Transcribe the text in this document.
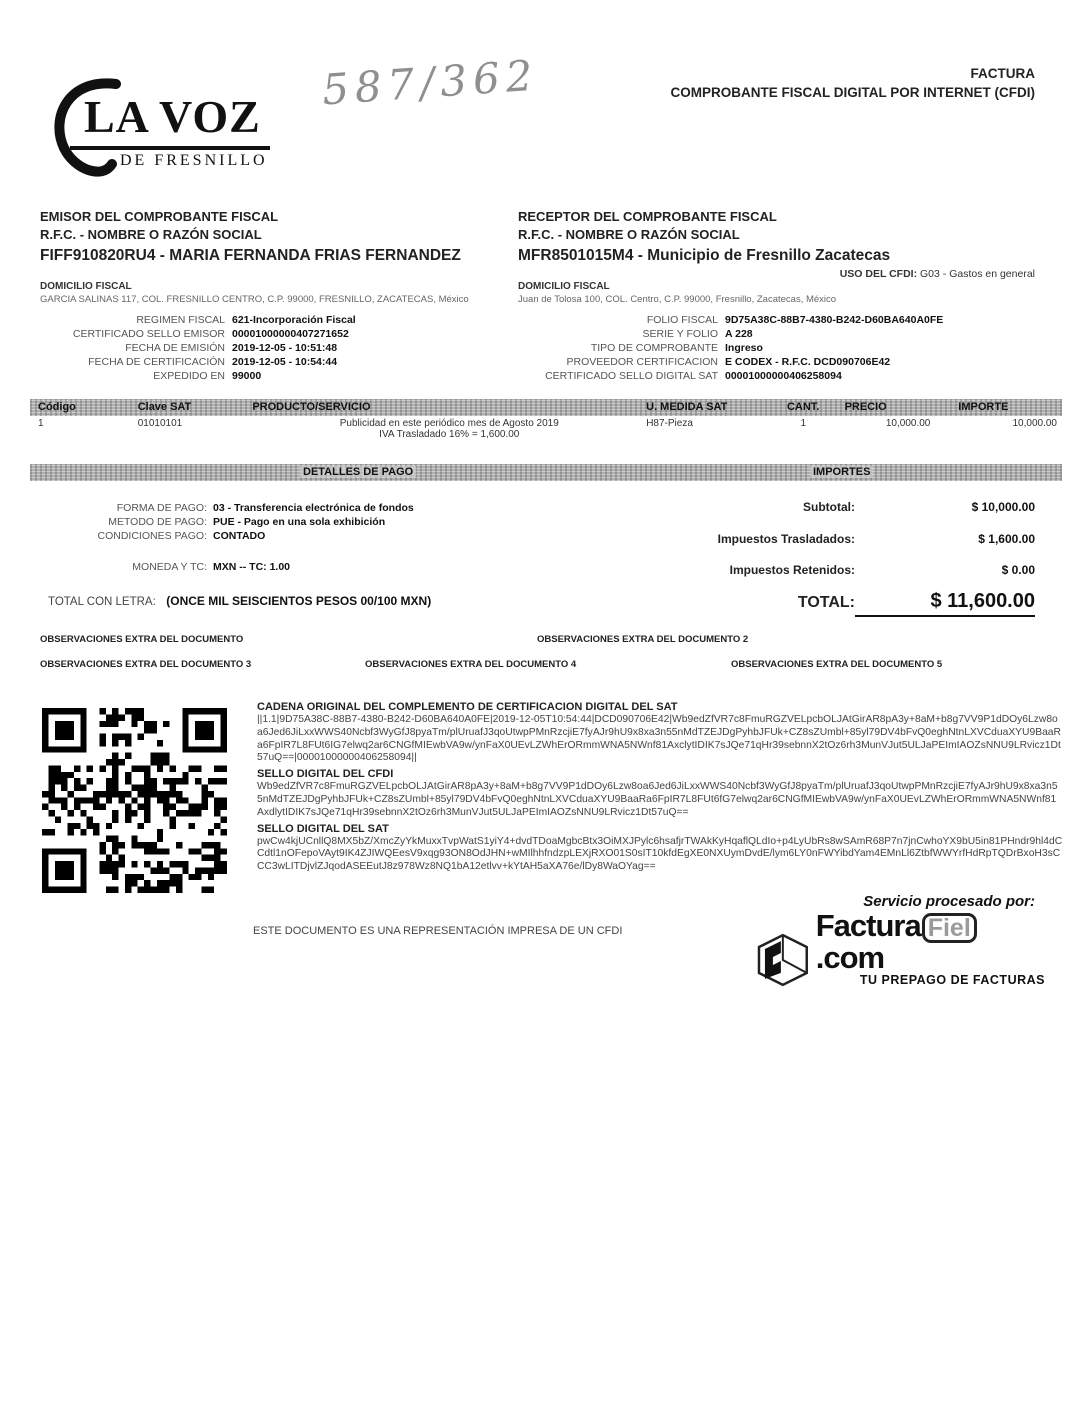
LA VOZ
DE FRESNILLO
587/362	FACTURA
COMPROBANTE FISCAL DIGITAL POR INTERNET (CFDI)
EMISOR DEL COMPROBANTE FISCAL
R.F.C. - NOMBRE O RAZÓN SOCIAL
FIFF910820RU4 - MARIA FERNANDA FRIAS FERNANDEZ
DOMICILIO FISCAL
GARCIA SALINAS 117, COL. FRESNILLO CENTRO, C.P. 99000, FRESNILLO, ZACATECAS, México
REGIMEN FISCAL 621-Incorporación Fiscal
CERTIFICADO SELLO EMISOR 00001000000407271652
FECHA DE EMISIÓN 2019-12-05 - 10:51:48
FECHA DE CERTIFICACIÓN 2019-12-05 - 10:54:44
EXPEDIDO EN 99000
RECEPTOR DEL COMPROBANTE FISCAL
R.F.C. - NOMBRE O RAZÓN SOCIAL
MFR8501015M4 - Municipio de Fresnillo Zacatecas
USO DEL CFDI: G03 - Gastos en general
DOMICILIO FISCAL
Juan de Tolosa 100, COL. Centro, C.P. 99000, Fresnillo, Zacatecas, México
FOLIO FISCAL 9D75A38C-88B7-4380-B242-D60BA640A0FE
SERIE Y FOLIO A 228
TIPO DE COMPROBANTE Ingreso
PROVEEDOR CERTIFICACION E CODEX - R.F.C. DCD090706E42
CERTIFICADO SELLO DIGITAL SAT 00001000000406258094
Código	Clave SAT	PRODUCTO/SERVICIO	U. MEDIDA SAT	CANT.	PRECIO	IMPORTE
1	01010101	Publicidad en este periódico mes de Agosto 2019
IVA Trasladado 16% = 1,600.00
H87-Pieza	1	10,000.00	10,000.00
DETALLES DE PAGO	IMPORTES
FORMA DE PAGO: 03 - Transferencia electrónica de fondos
METODO DE PAGO: PUE - Pago en una sola exhibición
CONDICIONES PAGO: CONTADO
MONEDA Y TC: MXN -- TC: 1.00
TOTAL CON LETRA: (ONCE MIL SEISCIENTOS PESOS 00/100 MXN)
Subtotal:	$ 10,000.00
Impuestos Trasladados:	$ 1,600.00
Impuestos Retenidos:	$ 0.00
TOTAL:	$ 11,600.00
OBSERVACIONES EXTRA DEL DOCUMENTO	OBSERVACIONES EXTRA DEL DOCUMENTO 2
OBSERVACIONES EXTRA DEL DOCUMENTO 3	OBSERVACIONES EXTRA DEL DOCUMENTO 4	OBSERVACIONES EXTRA DEL DOCUMENTO 5
CADENA ORIGINAL DEL COMPLEMENTO DE CERTIFICACION DIGITAL DEL SAT
||1.1|9D75A38C-88B7-4380-B242-D60BA640A0FE|2019-12-05T10:54:44|DCD090706E42|Wb9edZfVR7c8FmuRGZVELpcbOLJAtGirAR8pA3y+8aM+b8g7VV9P1dDOy6Lzw8oa6Jed6JiLxxWWS40Ncbf3WyGfJ8pyaTm/plUruafJ3qoUtwpPMnRzcjiE7fyAJr9hU9x8xa3n55nMdTZEJDgPyhbJFUk+CZ8sZUmbl+85yl79DV4bFvQ0eghNtnLXVCduaXYU9BaaRa6FpIR7L8FUt6IG7elwq2ar6CNGfMIEwbVA9w/ynFaX0UEvLZWhErORmmWNA5NWnf81AxclytIDIK7sJQe71qHr39sebnnX2tOz6rh3MunVJut5ULJaPEImIAOZsNNU9LRvicz1Dt57uQ==|00001000000406258094||
SELLO DIGITAL DEL CFDI
Wb9edZfVR7c8FmuRGZVELpcbOLJAtGirAR8pA3y+8aM+b8g7VV9P1dDOy6Lzw8oa6Jed6JiLxxWWS40Ncbf3WyGfJ8pyaTm/plUruafJ3qoUtwpPMnRzcjiE7fyAJr9hU9x8xa3n55nMdTZEJDgPyhbJFUk+CZ8sZUmbl+85yl79DV4bFvQ0eghNtnLXVCduaXYU9BaaRa6FpIR7L8FUt6fG7elwq2ar6CNGfMIEwbVA9w/ynFaX0UEvLZWhErORmmWNA5NWnf81AxdlytIDIK7sJQe71qHr39sebnnX2tOz6rh3MunVJut5ULJaPEImIAOZsNNU9LRvicz1Dt57uQ==
SELLO DIGITAL DEL SAT
pwCw4kjUCnllQ8MX5bZ/XmcZyYkMuxxTvpWatS1yiY4+dvdTDoaMgbcBtx3OiMXJPylc6hsafjrTWAkKyHqaflQLdIo+p4LyUbRs8wSAmR68P7n7jnCwhoYX9bU5in81PHndr9hl4dCCdtl1nOFepoVAyt9IK4ZJIWQEesV9xqg93ON8OdJHN+wMIlhhfndzpLEXjRXO01S0sIT10kfdEgXE0NXUymDvdE/lym6LY0nFWYibdYam4EMnLl6ZtbfWWYrfHdRpTQDrBxoH3sCCC3wLITDjvlZJqodASEEutJ8z978Wz8NQ1bA12etlvv+kYtAH5aXA76e/lDy8WaOYag==
Servicio procesado por:
Factura Fiel.com
TU PREPAGO DE FACTURAS
ESTE DOCUMENTO ES UNA REPRESENTACIÓN IMPRESA DE UN CFDI
